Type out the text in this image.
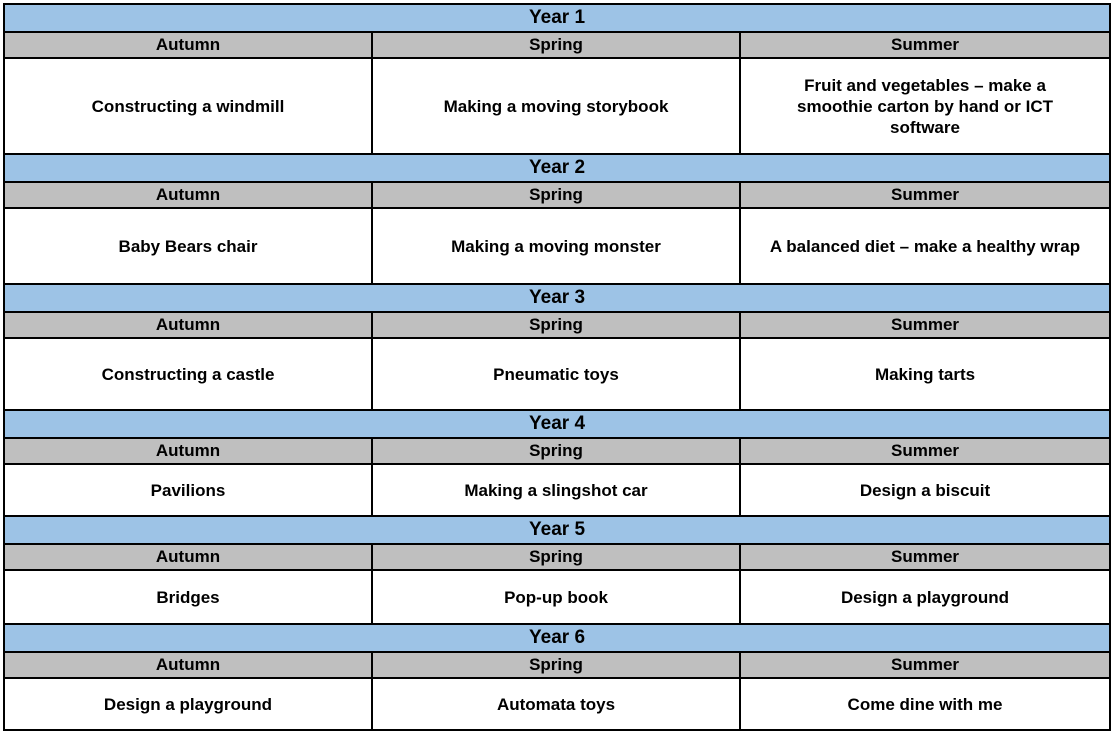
Year 1		
Autumn	Spring	Summer
Constructing a windmill	Making a moving storybook	Fruit and vegetables – make a smoothie carton by hand or ICT software
Year 2		
Autumn	Spring	Summer
Baby Bears chair	Making a moving monster	A balanced diet – make a healthy wrap
Year 3		
Autumn	Spring	Summer
Constructing a castle	Pneumatic toys	Making tarts
Year 4		
Autumn	Spring	Summer
Pavilions	Making a slingshot car	Design a biscuit
Year 5		
Autumn	Spring	Summer
Bridges	Pop-up book	Design a playground
Year 6		
Autumn	Spring	Summer
Design a playground	Automata toys	Come dine with me
